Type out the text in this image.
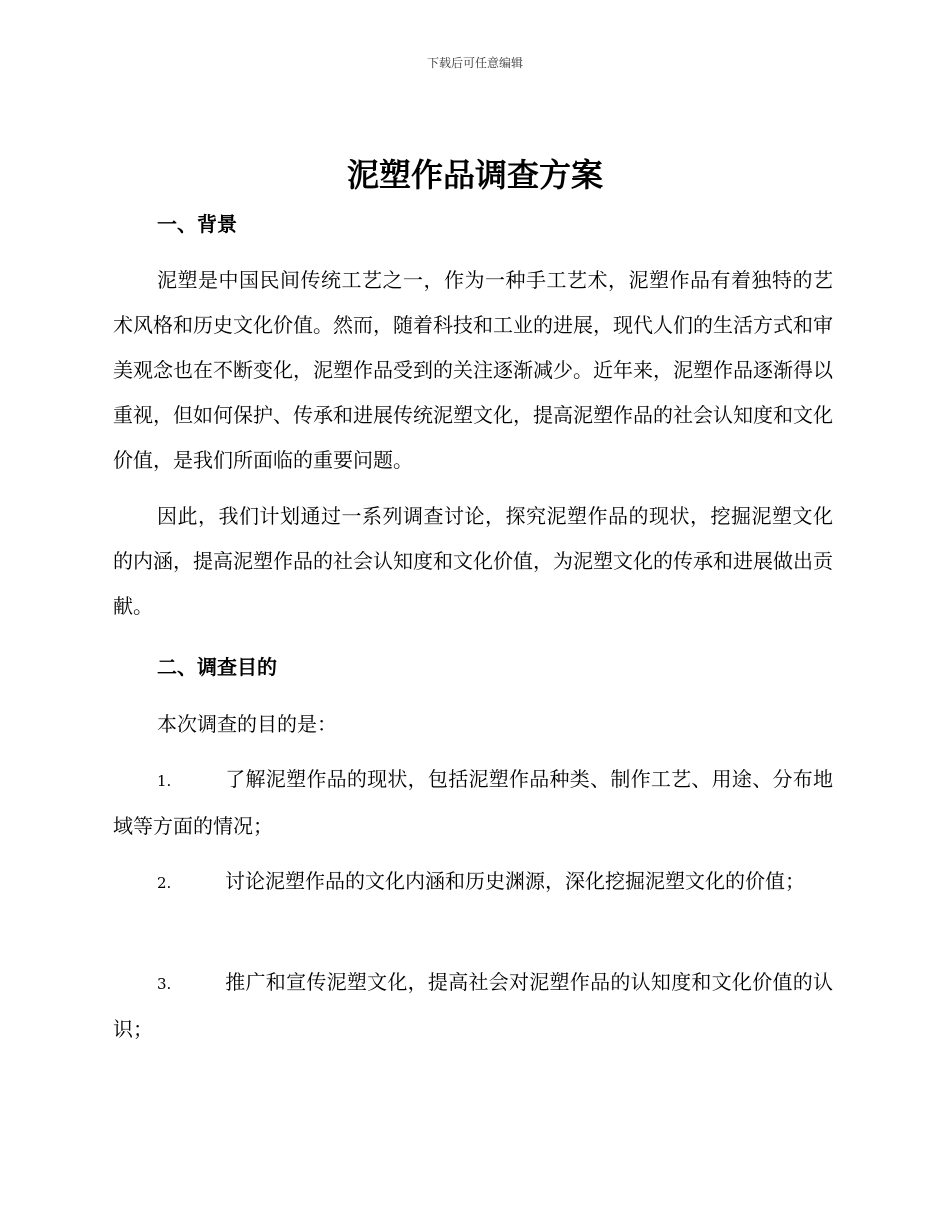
下载后可任意编辑
泥塑作品调查方案
一、背景

泥塑是中国民间传统工艺之一，作为一种手工艺术，泥塑作品有着独特的艺术风格和历史文化价值。然而，随着科技和工业的进展，现代人们的生活方式和审美观念也在不断变化，泥塑作品受到的关注逐渐减少。近年来，泥塑作品逐渐得以重视，但如何保护、传承和进展传统泥塑文化，提高泥塑作品的社会认知度和文化价值，是我们所面临的重要问题。

因此，我们计划通过一系列调查讨论，探究泥塑作品的现状，挖掘泥塑文化的内涵，提高泥塑作品的社会认知度和文化价值，为泥塑文化的传承和进展做出贡献。

二、调查目的

本次调查的目的是：

1.	了解泥塑作品的现状，包括泥塑作品种类、制作工艺、用途、分布地域等方面的情况；

2.	讨论泥塑作品的文化内涵和历史渊源，深化挖掘泥塑文化的价值；

3.	推广和宣传泥塑文化，提高社会对泥塑作品的认知度和文化价值的认识；
